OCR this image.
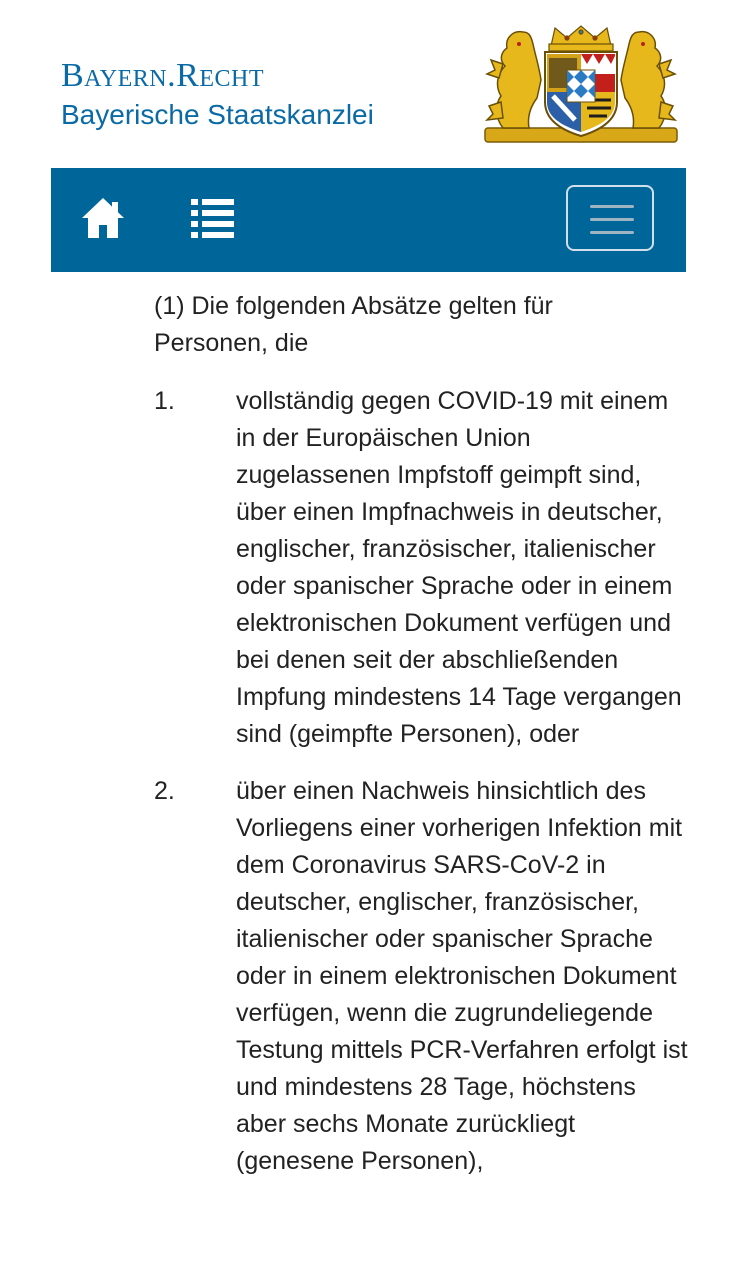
Bayern.Recht
Bayerische Staatskanzlei

(1) Die folgenden Absätze gelten für Personen, die

1. vollständig gegen COVID-19 mit einem in der Europäischen Union zugelassenen Impfstoff geimpft sind, über einen Impfnachweis in deutscher, englischer, französischer, italienischer oder spanischer Sprache oder in einem elektronischen Dokument verfügen und bei denen seit der abschließenden Impfung mindestens 14 Tage vergangen sind (geimpfte Personen), oder
2. über einen Nachweis hinsichtlich des Vorliegens einer vorherigen Infektion mit dem Coronavirus SARS-CoV-2 in deutscher, englischer, französischer, italienischer oder spanischer Sprache oder in einem elektronischen Dokument verfügen, wenn die zugrundeliegende Testung mittels PCR-Verfahren erfolgt ist und mindestens 28 Tage, höchstens aber sechs Monate zurückliegt (genesene Personen),
